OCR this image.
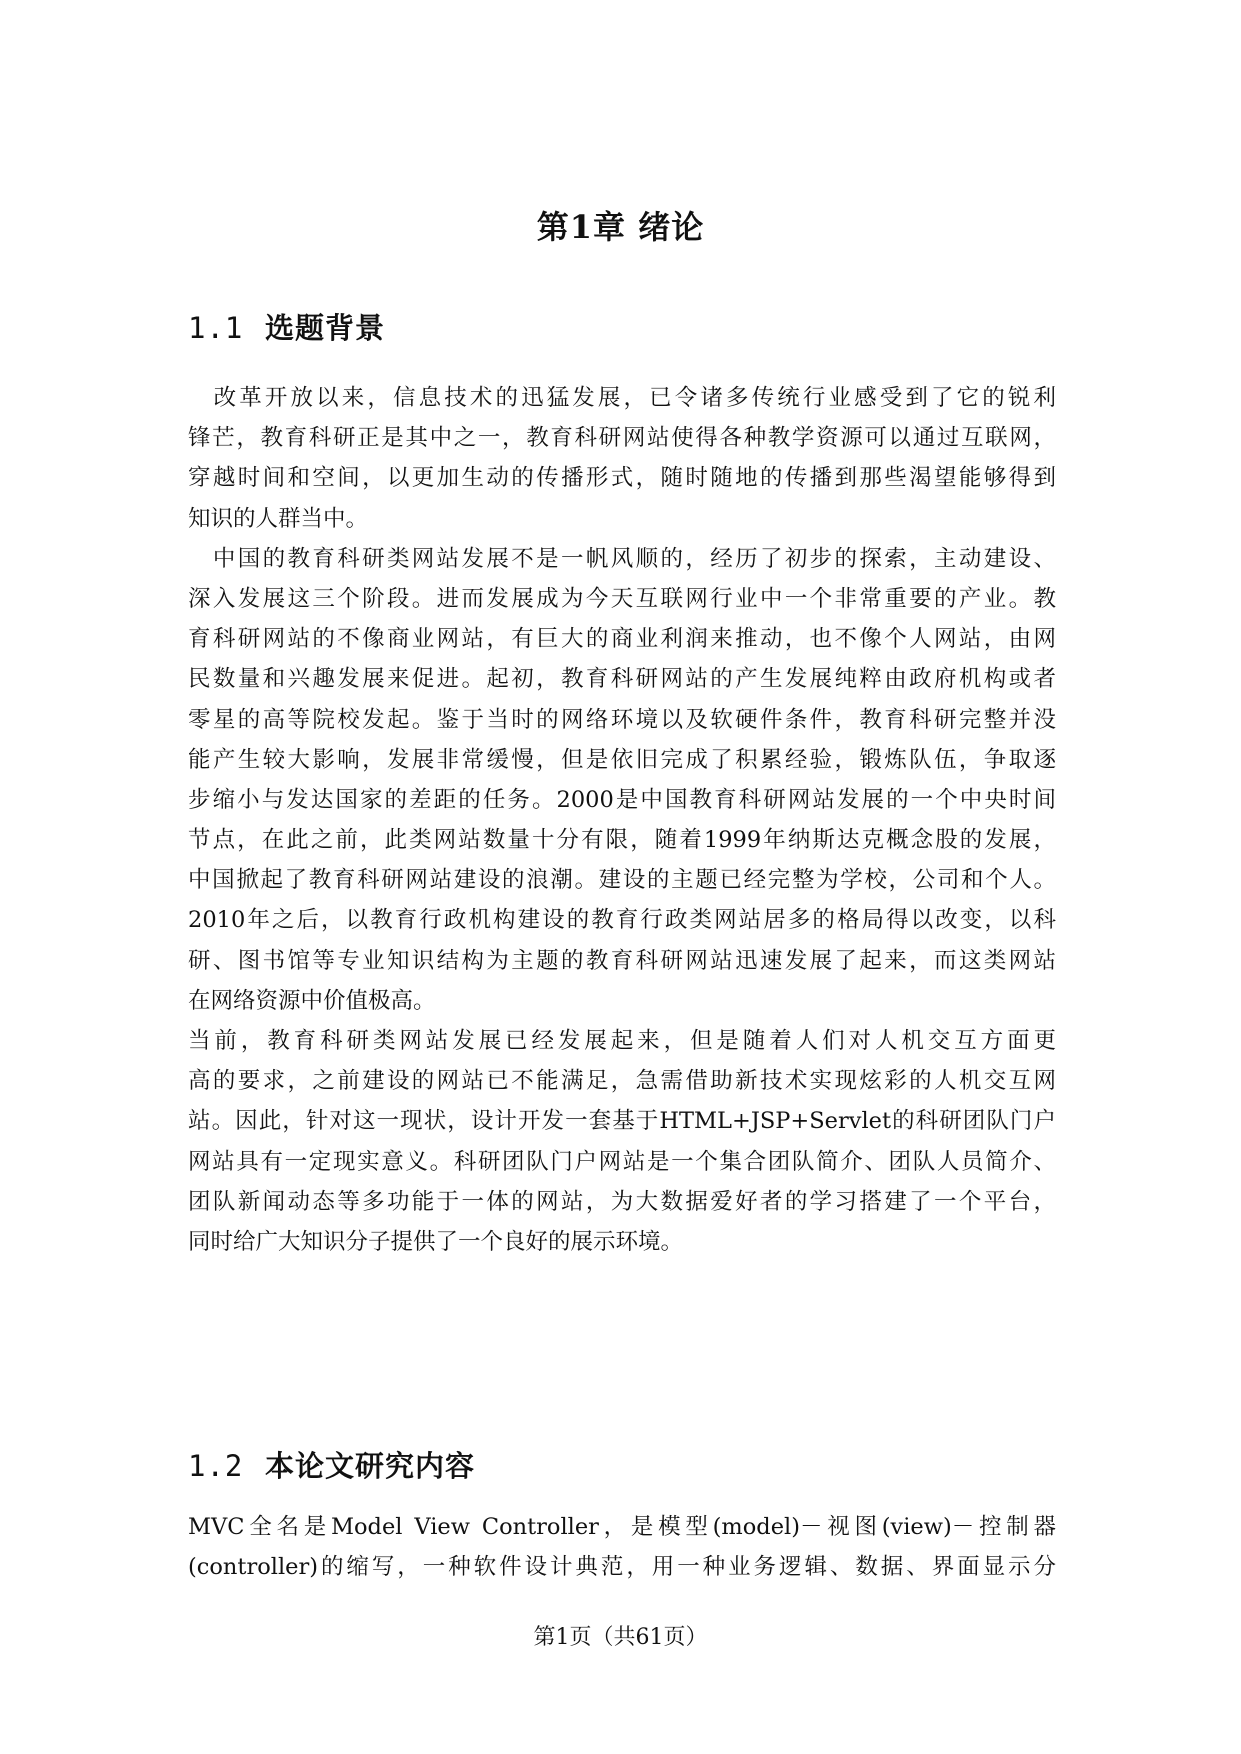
第1章 绪论
1.1 选题背景
　改革开放以来，信息技术的迅猛发展，已令诸多传统行业感受到了它的锐利
锋芒，教育科研正是其中之一，教育科研网站使得各种教学资源可以通过互联网，
穿越时间和空间，以更加生动的传播形式，随时随地的传播到那些渴望能够得到
知识的人群当中。
　中国的教育科研类网站发展不是一帆风顺的，经历了初步的探索，主动建设、
深入发展这三个阶段。进而发展成为今天互联网行业中一个非常重要的产业。教
育科研网站的不像商业网站，有巨大的商业利润来推动，也不像个人网站，由网
民数量和兴趣发展来促进。起初，教育科研网站的产生发展纯粹由政府机构或者
零星的高等院校发起。鉴于当时的网络环境以及软硬件条件，教育科研完整并没
能产生较大影响，发展非常缓慢，但是依旧完成了积累经验，锻炼队伍，争取逐
步缩小与发达国家的差距的任务。2000是中国教育科研网站发展的一个中央时间
节点，在此之前，此类网站数量十分有限，随着1999年纳斯达克概念股的发展，
中国掀起了教育科研网站建设的浪潮。建设的主题已经完整为学校，公司和个人。
2010年之后，以教育行政机构建设的教育行政类网站居多的格局得以改变，以科
研、图书馆等专业知识结构为主题的教育科研网站迅速发展了起来，而这类网站
在网络资源中价值极高。
当前，教育科研类网站发展已经发展起来，但是随着人们对人机交互方面更
高的要求，之前建设的网站已不能满足，急需借助新技术实现炫彩的人机交互网
站。因此，针对这一现状，设计开发一套基于HTML+JSP+Servlet的科研团队门户
网站具有一定现实意义。科研团队门户网站是一个集合团队简介、团队人员简介、
团队新闻动态等多功能于一体的网站，为大数据爱好者的学习搭建了一个平台，
同时给广大知识分子提供了一个良好的展示环境。
1.2 本论文研究内容
MVC全名是Model View Controller，是模型(model)－视图(view)－控制器
(controller)的缩写，一种软件设计典范，用一种业务逻辑、数据、界面显示分
第1页（共61页）
